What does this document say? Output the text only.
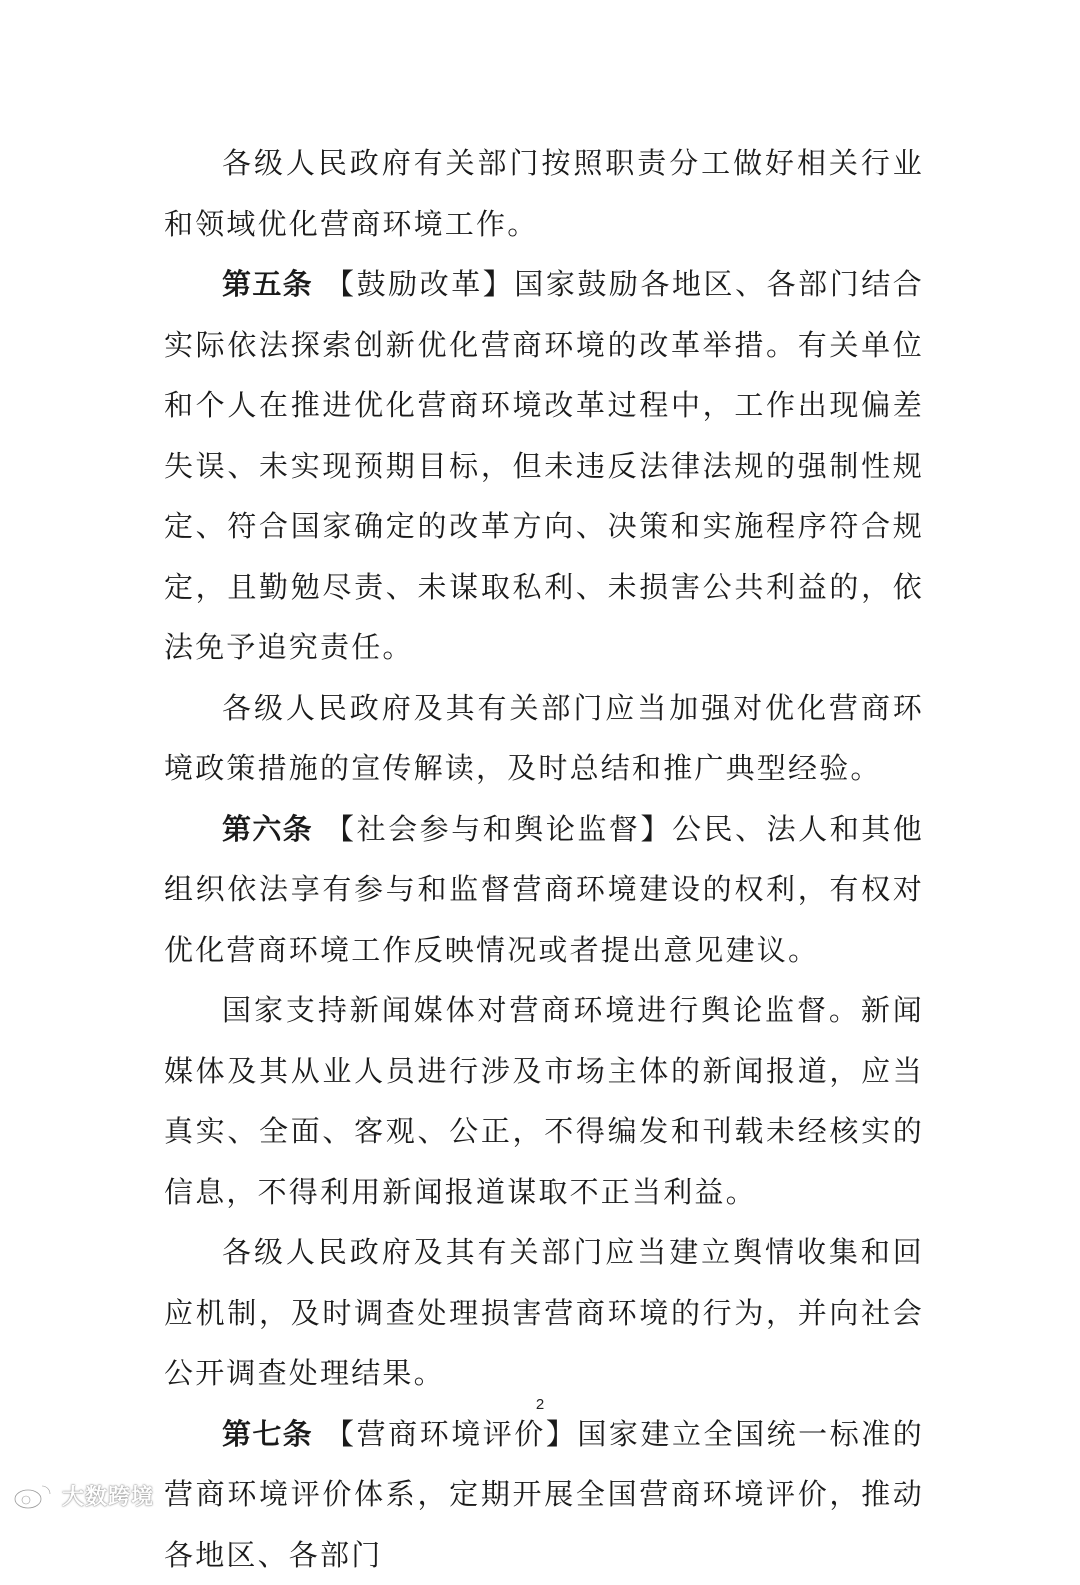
各级人民政府有关部门按照职责分工做好相关行业和领域优化营商环境工作。

第五条 【鼓励改革】国家鼓励各地区、各部门结合实际依法探索创新优化营商环境的改革举措。有关单位和个人在推进优化营商环境改革过程中，工作出现偏差失误、未实现预期目标，但未违反法律法规的强制性规定、符合国家确定的改革方向、决策和实施程序符合规定，且勤勉尽责、未谋取私利、未损害公共利益的，依法免予追究责任。

各级人民政府及其有关部门应当加强对优化营商环境政策措施的宣传解读，及时总结和推广典型经验。

第六条 【社会参与和舆论监督】公民、法人和其他组织依法享有参与和监督营商环境建设的权利，有权对优化营商环境工作反映情况或者提出意见建议。

国家支持新闻媒体对营商环境进行舆论监督。新闻媒体及其从业人员进行涉及市场主体的新闻报道，应当真实、全面、客观、公正，不得编发和刊载未经核实的信息，不得利用新闻报道谋取不正当利益。

各级人民政府及其有关部门应当建立舆情收集和回应机制，及时调查处理损害营商环境的行为，并向社会公开调查处理结果。

第七条 【营商环境评价】国家建立全国统一标准的营商环境评价体系，定期开展全国营商环境评价，推动各地区、各部门

2
大数跨境
